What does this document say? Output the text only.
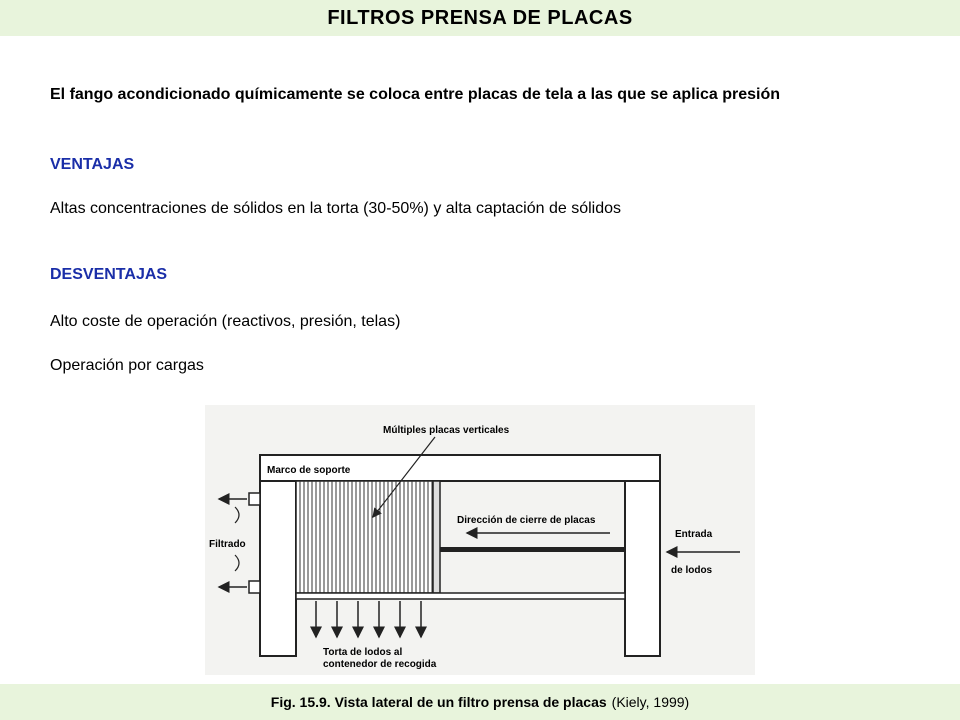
FILTROS PRENSA DE PLACAS
El fango acondicionado químicamente se coloca entre placas de tela a las que se aplica presión
VENTAJAS
Altas concentraciones de sólidos en la torta (30-50%) y alta captación de sólidos
DESVENTAJAS
Alto coste de operación (reactivos, presión, telas)
Operación por cargas
Múltiples placas verticales
Marco de soporte
Dirección de cierre de placas
Entrada
de lodos
Filtrado
Torta de lodos al
contenedor de recogida
Fig. 15.9. Vista lateral de un filtro prensa de placas (Kiely, 1999)
